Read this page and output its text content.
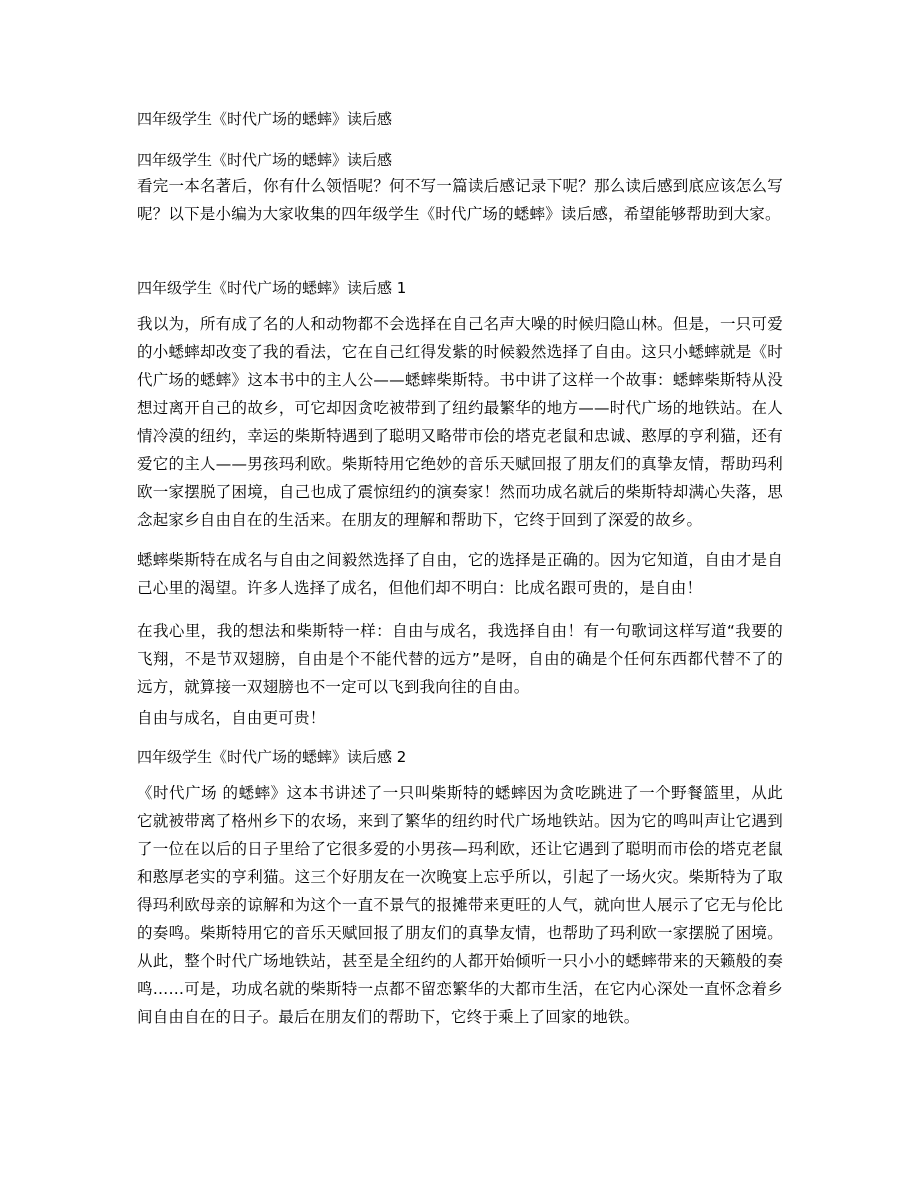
四年级学生《时代广场的蟋蟀》读后感
四年级学生《时代广场的蟋蟀》读后感

看完一本名著后，你有什么领悟呢？何不写一篇读后感记录下呢？那么读后感到底应该怎么写呢？以下是小编为大家收集的四年级学生《时代广场的蟋蟀》读后感，希望能够帮助到大家。

四年级学生《时代广场的蟋蟀》读后感 1

我以为，所有成了名的人和动物都不会选择在自己名声大噪的时候归隐山林。但是，一只可爱的小蟋蟀却改变了我的看法，它在自己红得发紫的时候毅然选择了自由。这只小蟋蟀就是《时代广场的蟋蟀》这本书中的主人公——蟋蟀柴斯特。书中讲了这样一个故事：蟋蟀柴斯特从没想过离开自己的故乡，可它却因贪吃被带到了纽约最繁华的地方——时代广场的地铁站。在人情冷漠的纽约，幸运的柴斯特遇到了聪明又略带市侩的塔克老鼠和忠诚、憨厚的亨利猫，还有爱它的主人——男孩玛利欧。柴斯特用它绝妙的音乐天赋回报了朋友们的真挚友情，帮助玛利欧一家摆脱了困境，自己也成了震惊纽约的演奏家！然而功成名就后的柴斯特却满心失落，思念起家乡自由自在的生活来。在朋友的理解和帮助下，它终于回到了深爱的故乡。

蟋蟀柴斯特在成名与自由之间毅然选择了自由，它的选择是正确的。因为它知道，自由才是自己心里的渴望。许多人选择了成名，但他们却不明白：比成名跟可贵的，是自由！

在我心里，我的想法和柴斯特一样：自由与成名，我选择自由！有一句歌词这样写道“我要的飞翔，不是节双翅膀，自由是个不能代替的远方”是呀，自由的确是个任何东西都代替不了的远方，就算接一双翅膀也不一定可以飞到我向往的自由。

自由与成名，自由更可贵！

四年级学生《时代广场的蟋蟀》读后感 2

《时代广场 的蟋蟀》这本书讲述了一只叫柴斯特的蟋蟀因为贪吃跳进了一个野餐篮里，从此它就被带离了格州乡下的农场，来到了繁华的纽约时代广场地铁站。因为它的鸣叫声让它遇到了一位在以后的日子里给了它很多爱的小男孩—玛利欧，还让它遇到了聪明而市侩的塔克老鼠和憨厚老实的亨利猫。这三个好朋友在一次晚宴上忘乎所以，引起了一场火灾。柴斯特为了取得玛利欧母亲的谅解和为这个一直不景气的报摊带来更旺的人气，就向世人展示了它无与伦比的奏鸣。柴斯特用它的音乐天赋回报了朋友们的真挚友情，也帮助了玛利欧一家摆脱了困境。从此，整个时代广场地铁站，甚至是全纽约的人都开始倾听一只小小的蟋蟀带来的天籁般的奏鸣……可是，功成名就的柴斯特一点都不留恋繁华的大都市生活，在它内心深处一直怀念着乡间自由自在的日子。最后在朋友们的帮助下，它终于乘上了回家的地铁。
